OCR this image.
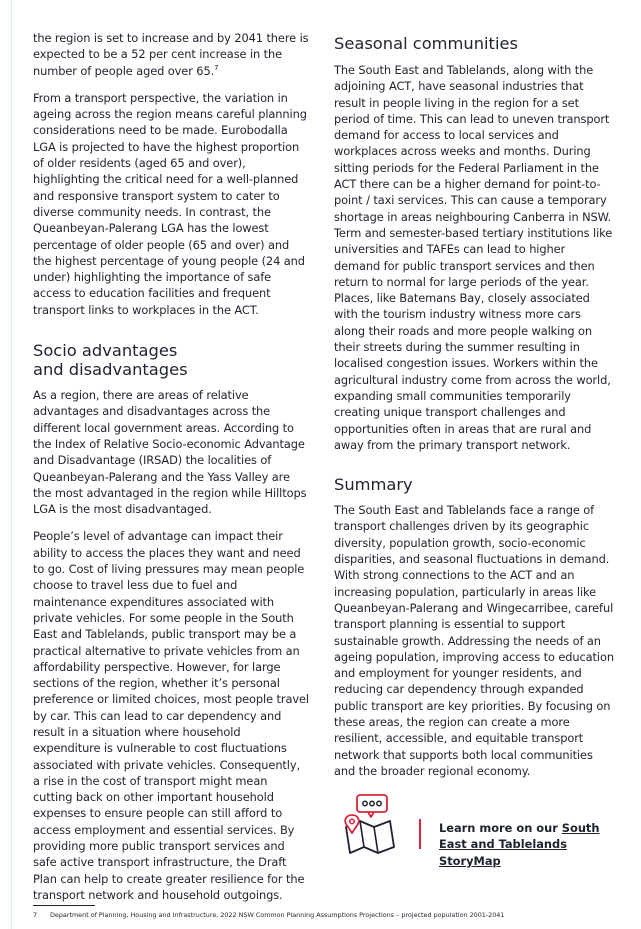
the region is set to increase and by 2041 there is expected to be a 52 per cent increase in the number of people aged over 65.$^7$

From a transport perspective, the variation in ageing across the region means careful planning considerations need to be made. Eurobodalla LGA is projected to have the highest proportion of older residents (aged 65 and over), highlighting the critical need for a well-planned and responsive transport system to cater to diverse community needs. In contrast, the Queanbeyan-Palerang LGA has the lowest percentage of older people (65 and over) and the highest percentage of young people (24 and under) highlighting the importance of safe access to education facilities and frequent transport links to workplaces in the ACT.

Socio advantages
and disadvantages

As a region, there are areas of relative advantages and disadvantages across the different local government areas. According to the Index of Relative Socio-economic Advantage and Disadvantage (IRSAD) the localities of Queanbeyan-Palerang and the Yass Valley are the most advantaged in the region while Hilltops LGA is the most disadvantaged.

People’s level of advantage can impact their ability to access the places they want and need to go. Cost of living pressures may mean people choose to travel less due to fuel and maintenance expenditures associated with private vehicles. For some people in the South East and Tablelands, public transport may be a practical alternative to private vehicles from an affordability perspective. However, for large sections of the region, whether it’s personal preference or limited choices, most people travel by car. This can lead to car dependency and result in a situation where household expenditure is vulnerable to cost fluctuations associated with private vehicles. Consequently, a rise in the cost of transport might mean cutting back on other important household expenses to ensure people can still afford to access employment and essential services. By providing more public transport services and safe active transport infrastructure, the Draft Plan can help to create greater resilience for the transport network and household outgoings.

Seasonal communities

The South East and Tablelands, along with the adjoining ACT, have seasonal industries that result in people living in the region for a set period of time. This can lead to uneven transport demand for access to local services and workplaces across weeks and months. During sitting periods for the Federal Parliament in the ACT there can be a higher demand for point-to-point / taxi services. This can cause a temporary shortage in areas neighbouring Canberra in NSW. Term and semester-based tertiary institutions like universities and TAFEs can lead to higher demand for public transport services and then return to normal for large periods of the year. Places, like Batemans Bay, closely associated with the tourism industry witness more cars along their roads and more people walking on their streets during the summer resulting in localised congestion issues. Workers within the agricultural industry come from across the world, expanding small communities temporarily creating unique transport challenges and opportunities often in areas that are rural and away from the primary transport network.

Summary

The South East and Tablelands face a range of transport challenges driven by its geographic diversity, population growth, socio-economic disparities, and seasonal fluctuations in demand. With strong connections to the ACT and an increasing population, particularly in areas like Queanbeyan-Palerang and Wingecarribee, careful transport planning is essential to support sustainable growth. Addressing the needs of an ageing population, improving access to education and employment for younger residents, and reducing car dependency through expanded public transport are key priorities. By focusing on these areas, the region can create a more resilient, accessible, and equitable transport network that supports both local communities and the broader regional economy.

Learn more on our South East and Tablelands StoryMap
7 Department of Planning, Housing and Infrastructure, 2022 NSW Common Planning Assumptions Projections – projected population 2001-2041
